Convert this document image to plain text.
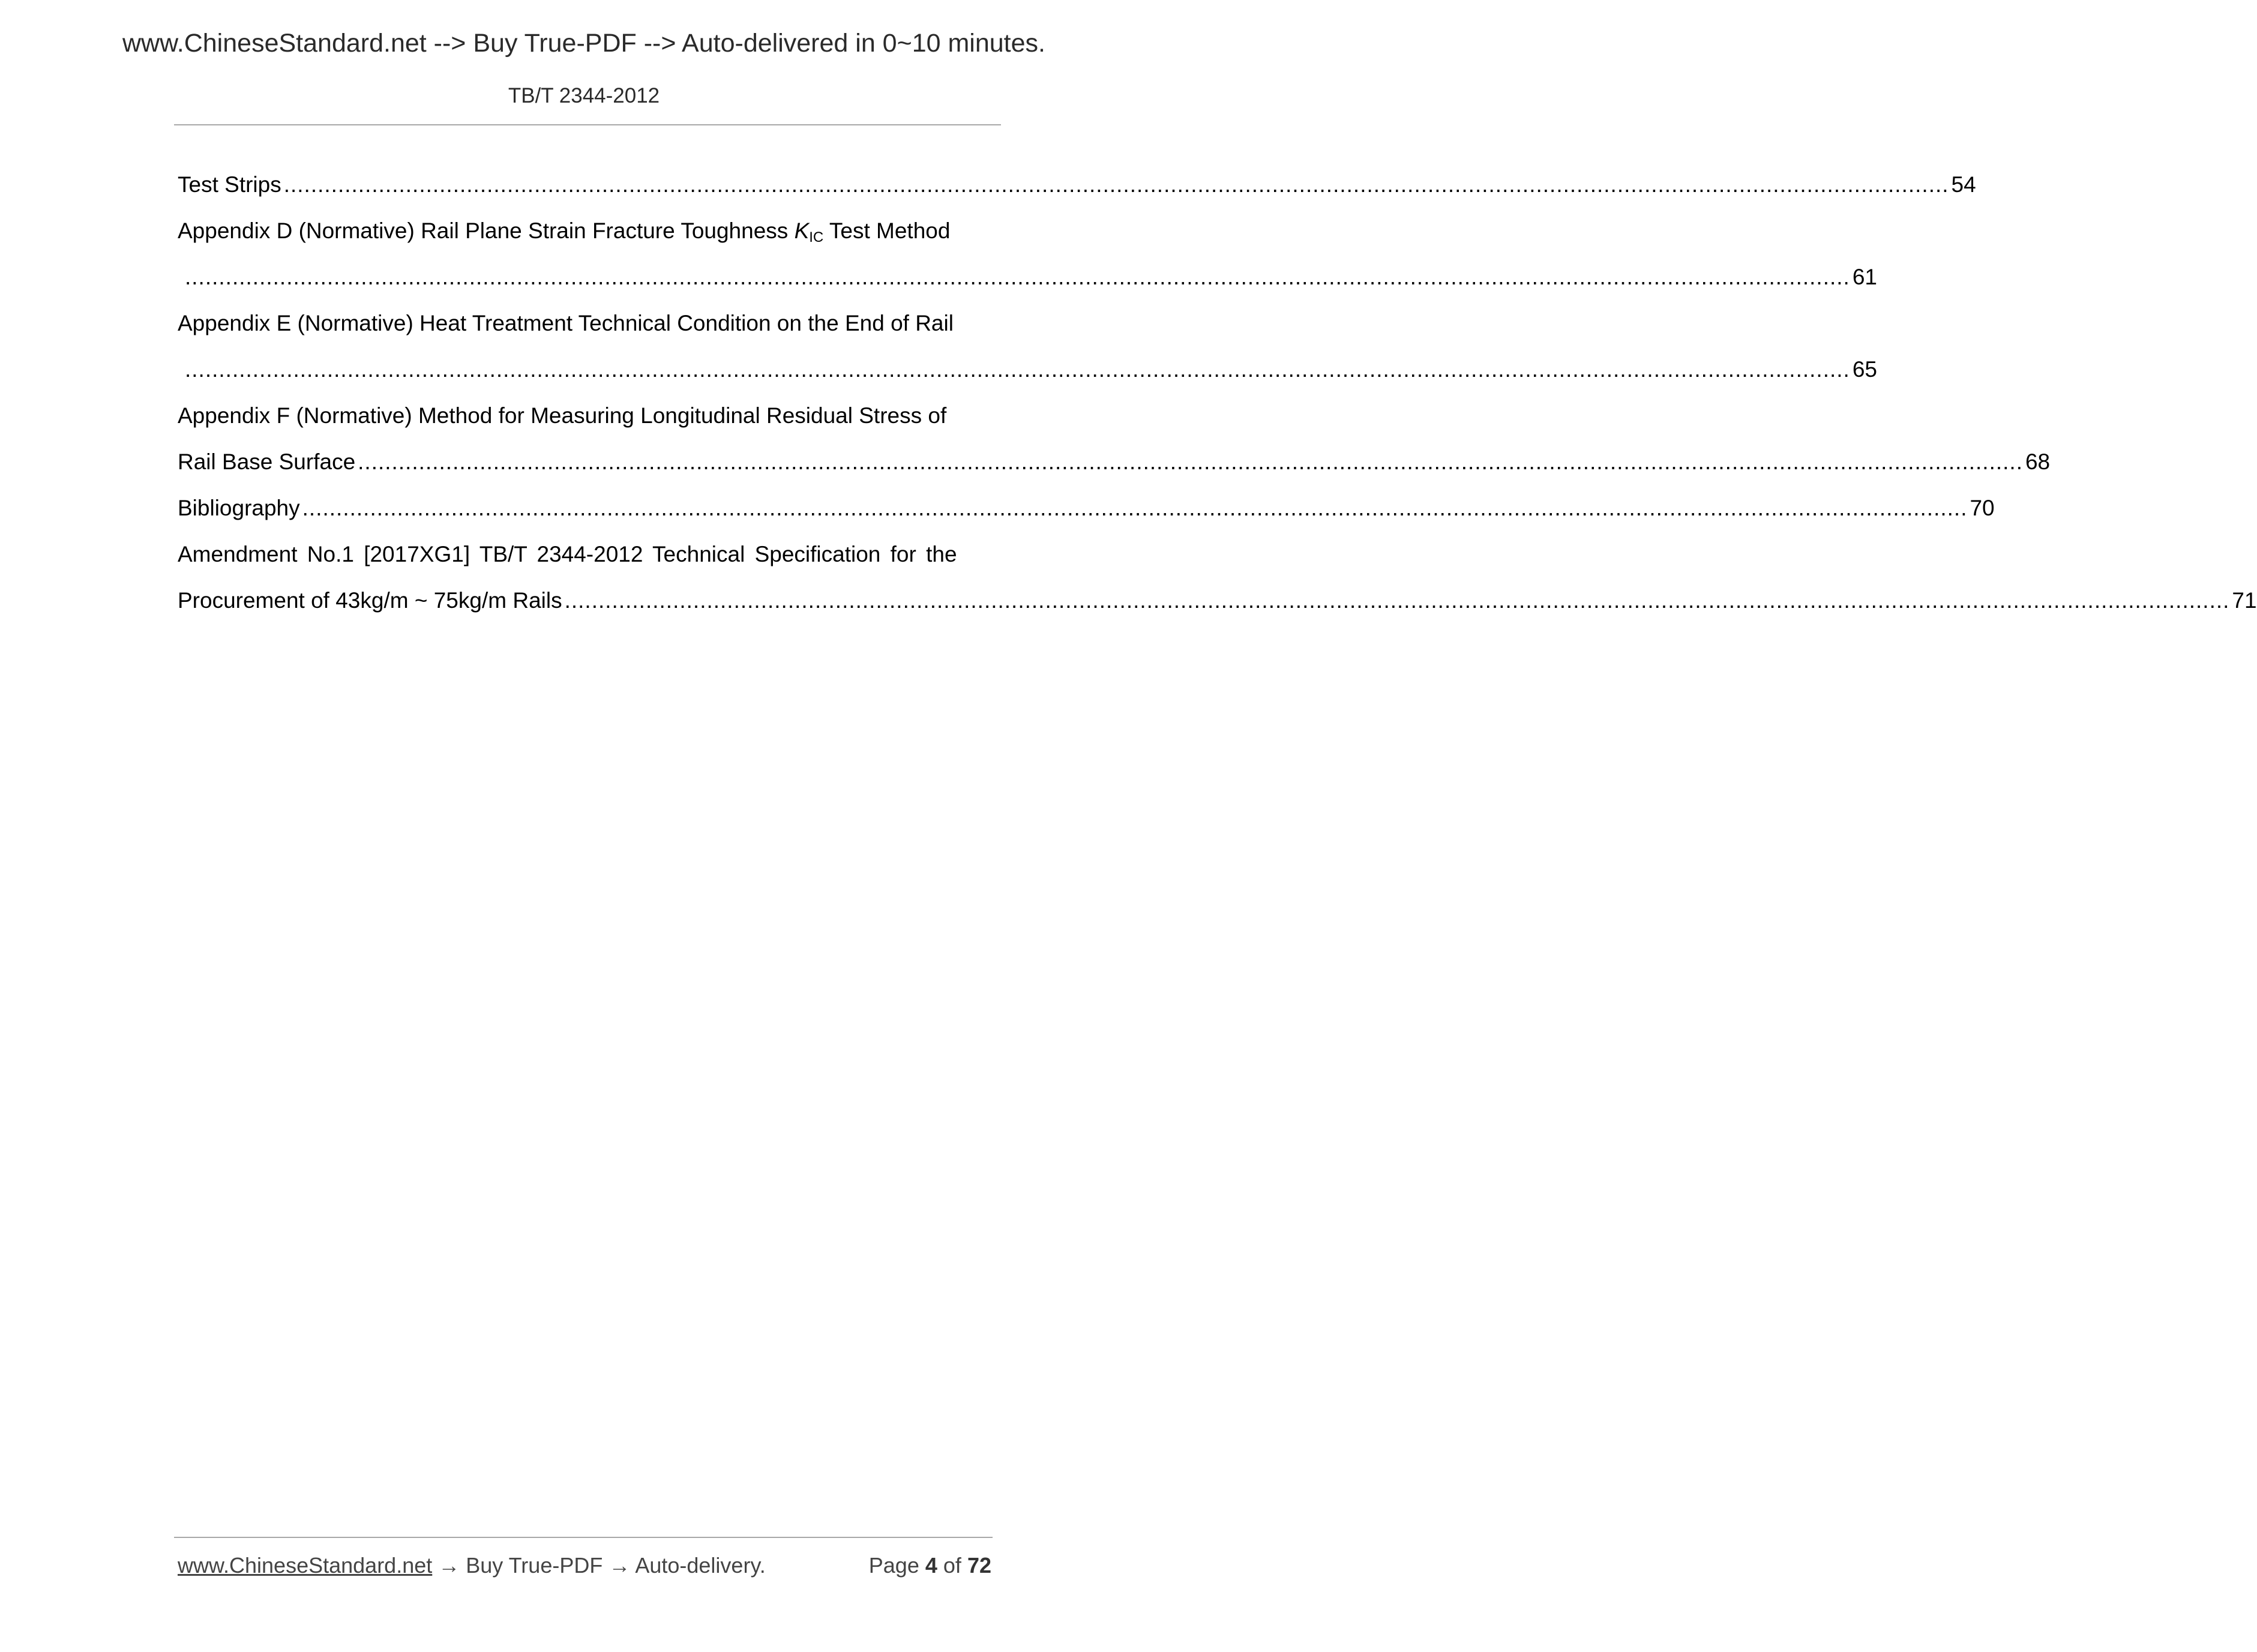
www.ChineseStandard.net --> Buy True-PDF --> Auto-delivered in 0~10 minutes.
TB/T 2344-2012
Test Strips ...................................................................................................................................................................................................................................................... 54
Appendix D (Normative) Rail Plane Strain Fracture Toughness $K_{IC}$ Test Method
...................................................................................................................................................................................................................................................... 61
Appendix E (Normative) Heat Treatment Technical Condition on the End of Rail
...................................................................................................................................................................................................................................................... 65
Appendix F (Normative) Method for Measuring Longitudinal Residual Stress of
Rail Base Surface ...................................................................................................................................................................................................................................................... 68
Bibliography ...................................................................................................................................................................................................................................................... 70
Amendment No.1 [2017XG1] TB/T 2344-2012 Technical Specification for the
Procurement of 43kg/m ~ 75kg/m Rails ...................................................................................................................................................................................................................................................... 71
www.ChineseStandard.net → Buy True-PDF → Auto-delivery.	Page 4 of 72
